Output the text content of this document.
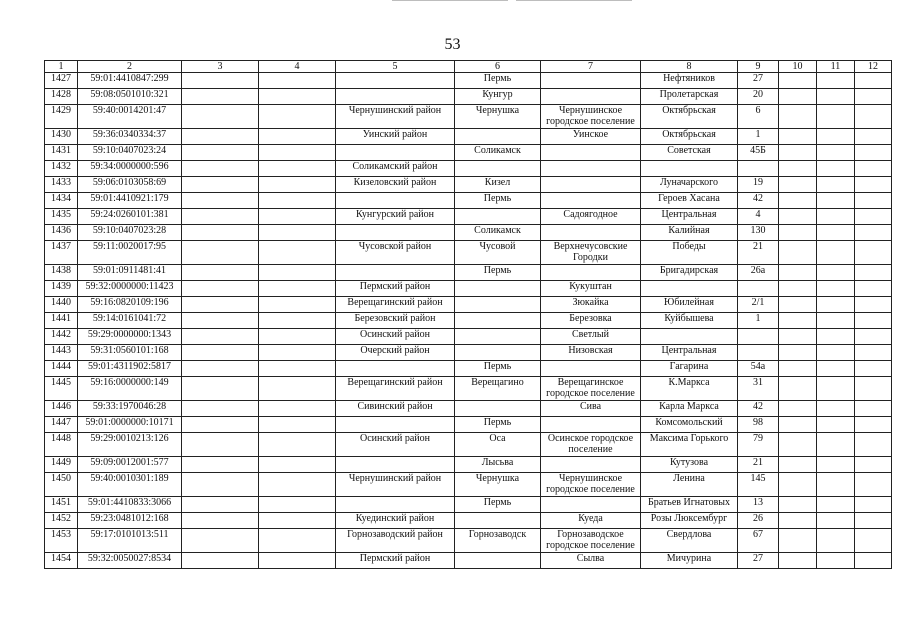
53
1	2	3	4	5	6	7	8	9	10	11	12
1427	59:01:4410847:299				Пермь		Нефтяников	27			
1428	59:08:0501010:321				Кунгур		Пролетарская	20			
1429	59:40:0014201:47			Чернушинский район	Чернушка	Чернушинское городское поселение	Октябрьская	6			
1430	59:36:0340334:37			Уинский район		Уинское	Октябрьская	1			
1431	59:10:0407023:24				Соликамск		Советская	45Б			
1432	59:34:0000000:596			Соликамский район							
1433	59:06:0103058:69			Кизеловский район	Кизел		Луначарского	19			
1434	59:01:4410921:179				Пермь		Героев Хасана	42			
1435	59:24:0260101:381			Кунгурский район		Садоягодное	Центральная	4			
1436	59:10:0407023:28				Соликамск		Калийная	130			
1437	59:11:0020017:95			Чусовской район	Чусовой	Верхнечусовские Городки	Победы	21			
1438	59:01:0911481:41				Пермь		Бригадирская	26а			
1439	59:32:0000000:11423			Пермский район		Кукуштан					
1440	59:16:0820109:196			Верещагинский район		Зюкайка	Юбилейная	2/1			
1441	59:14:0161041:72			Березовский район		Березовка	Куйбышева	1			
1442	59:29:0000000:1343			Осинский район		Светлый					
1443	59:31:0560101:168			Очерский район		Низовская	Центральная				
1444	59:01:4311902:5817				Пермь		Гагарина	54а			
1445	59:16:0000000:149			Верещагинский район	Верещагино	Верещагинское городское поселение	К.Маркса	31			
1446	59:33:1970046:28			Сивинский район		Сива	Карла Маркса	42			
1447	59:01:0000000:10171				Пермь		Комсомольский	98			
1448	59:29:0010213:126			Осинский район	Оса	Осинское городское поселение	Максима Горького	79			
1449	59:09:0012001:577				Лысьва		Кутузова	21			
1450	59:40:0010301:189			Чернушинский район	Чернушка	Чернушинское городское поселение	Ленина	145			
1451	59:01:4410833:3066				Пермь		Братьев Игнатовых	13			
1452	59:23:0481012:168			Куединский район		Куеда	Розы Люксембург	26			
1453	59:17:0101013:511			Горнозаводский район	Горнозаводск	Горнозаводское городское поселение	Свердлова	67			
1454	59:32:0050027:8534			Пермский район		Сылва	Мичурина	27			
